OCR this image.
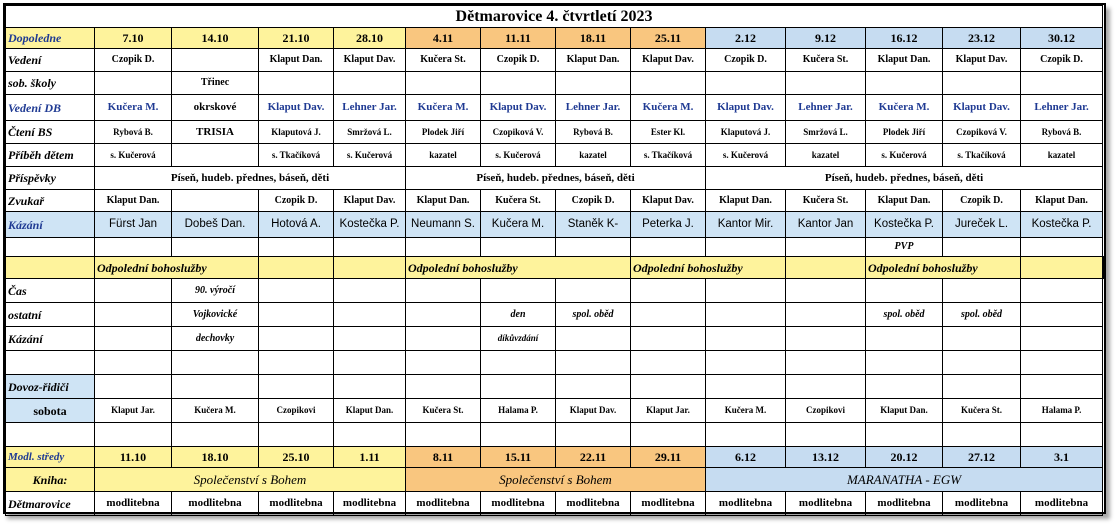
Dětmarovice 4. čtvrtletí 2023														
Dopoledne	7.10	14.10	21.10	28.10	4.11	11.11	18.11	25.11	2.12	9.12	16.12	23.12	30.12	
Vedení	Czopik D.		Klaput Dan.	Klaput Dav.	Kučera St.	Czopik D.	Klaput Dan.	Klaput Dav.	Czopik D.	Kučera St.	Klaput Dan.	Klaput Dav.	Czopik D.	
sob. školy		Třinec												
Vedení DB	Kučera M.	okrskové	Klaput Dav.	Lehner Jar.	Kučera M.	Klaput Dav.	Lehner Jar.	Kučera M.	Klaput Dav.	Lehner Jar.	Kučera M.	Klaput Dav.	Lehner Jar.	
Čtení BS	Rybová B.	TRISIA	Klaputová J.	Smržová L.	Plodek Jiří	Czopiková V.	Rybová B.	Ester Kl.	Klaputová J.	Smržová L.	Plodek Jiří	Czopiková V.	Rybová B.	
Příběh dětem	s. Kučerová		s. Tkačíková	s. Kučerová	kazatel	s. Kučerová	kazatel	s. Tkačíková	s. Kučerová	kazatel	s. Kučerová	s. Tkačíková	kazatel	
Příspěvky	Píseň, hudeb. přednes, báseň, děti				Píseň, hudeb. přednes, báseň, děti				Píseň, hudeb. přednes, báseň, děti					
Zvukař	Klaput Dan.		Czopik D.	Klaput Dav.	Klaput Dan.	Kučera St.	Czopik D.	Klaput Dav.	Klaput Dan.	Kučera St.	Klaput Dan.	Czopik D.	Klaput Dan.	
Kázání	Fürst Jan	Dobeš Dan.	Hotová A.	Kostečka P.	Neumann S.	Kučera M.	Staněk K-	Peterka J.	Kantor Mir.	Kantor Jan	Kostečka P.	Jureček L.	Kostečka P.	
											PVP			
	Odpolední bohoslužby				Odpolední bohoslužby			Odpolední bohoslužby			Odpolední bohoslužby			
Čas		90. výročí												
ostatní		Vojkovické				den	spol. oběd				spol. oběd	spol. oběd		
Kázání		dechovky				díkůvzdání								

Dovoz-řidiči														
sobota	Klaput Jar.	Kučera M.	Czopikovi	Klaput Dan.	Kučera St.	Halama P.	Klaput Dav.	Klaput Jar.	Kučera M.	Czopikovi	Klaput Dan.	Kučera St.	Halama P.	

Modl. středy	11.10	18.10	25.10	1.11	8.11	15.11	22.11	29.11	6.12	13.12	20.12	27.12	3.1	
Kniha:	Společenství s Bohem				Společenství s Bohem				MARANATHA - EGW					
Dětmarovice	modlitebna	modlitebna	modlitebna	modlitebna	modlitebna	modlitebna	modlitebna	modlitebna	modlitebna	modlitebna	modlitebna	modlitebna	modlitebna	
